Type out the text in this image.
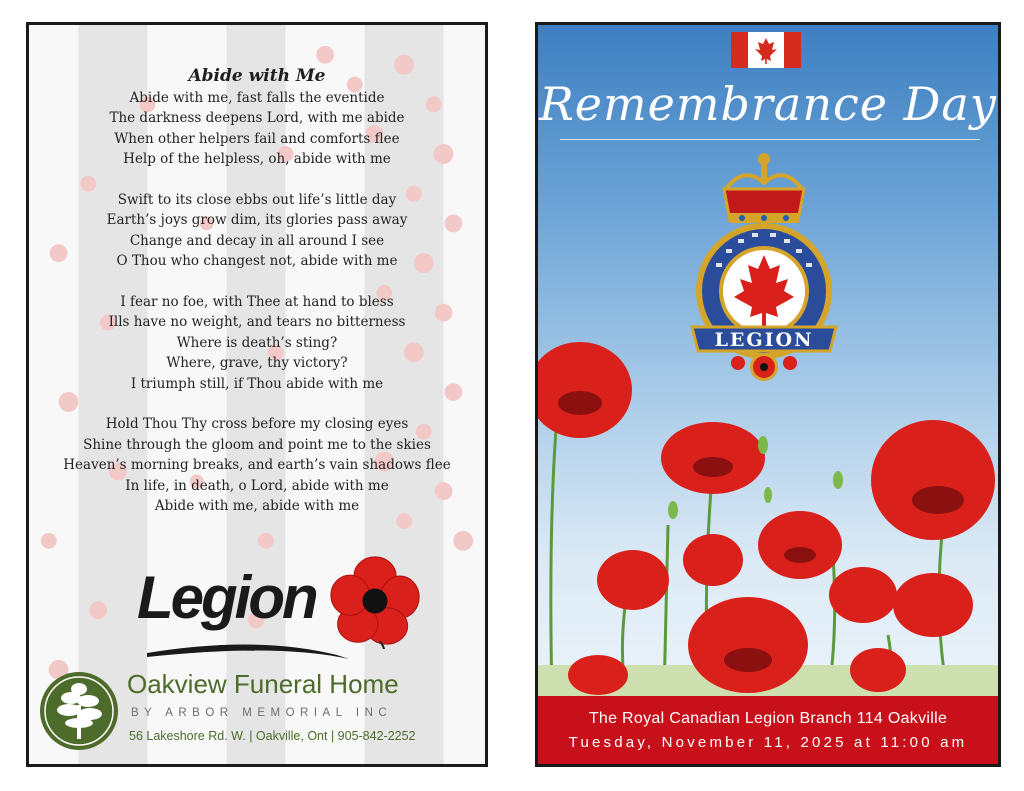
Abide with Me
Abide with me, fast falls the eventide
The darkness deepens Lord, with me abide
When other helpers fail and comforts flee
Help of the helpless, oh, abide with me
Swift to its close ebbs out life’s little day
Earth’s joys grow dim, its glories pass away
Change and decay in all around I see
O Thou who changest not, abide with me
I fear no foe, with Thee at hand to bless
Ills have no weight, and tears no bitterness
Where is death’s sting?
Where, grave, thy victory?
I triumph still, if Thou abide with me
Hold Thou Thy cross before my closing eyes
Shine through the gloom and point me to the skies
Heaven’s morning breaks, and earth’s vain shadows flee
In life, in death, o Lord, abide with me
Abide with me, abide with me
Legion
Oakview Funeral Home
BY ARBOR MEMORIAL INC
56 Lakeshore Rd. W. | Oakville, Ont | 905-842-2252
Remembrance Day
LEGION
The Royal Canadian Legion Branch 114 Oakville
Tuesday, November 11, 2025 at 11:00 am
